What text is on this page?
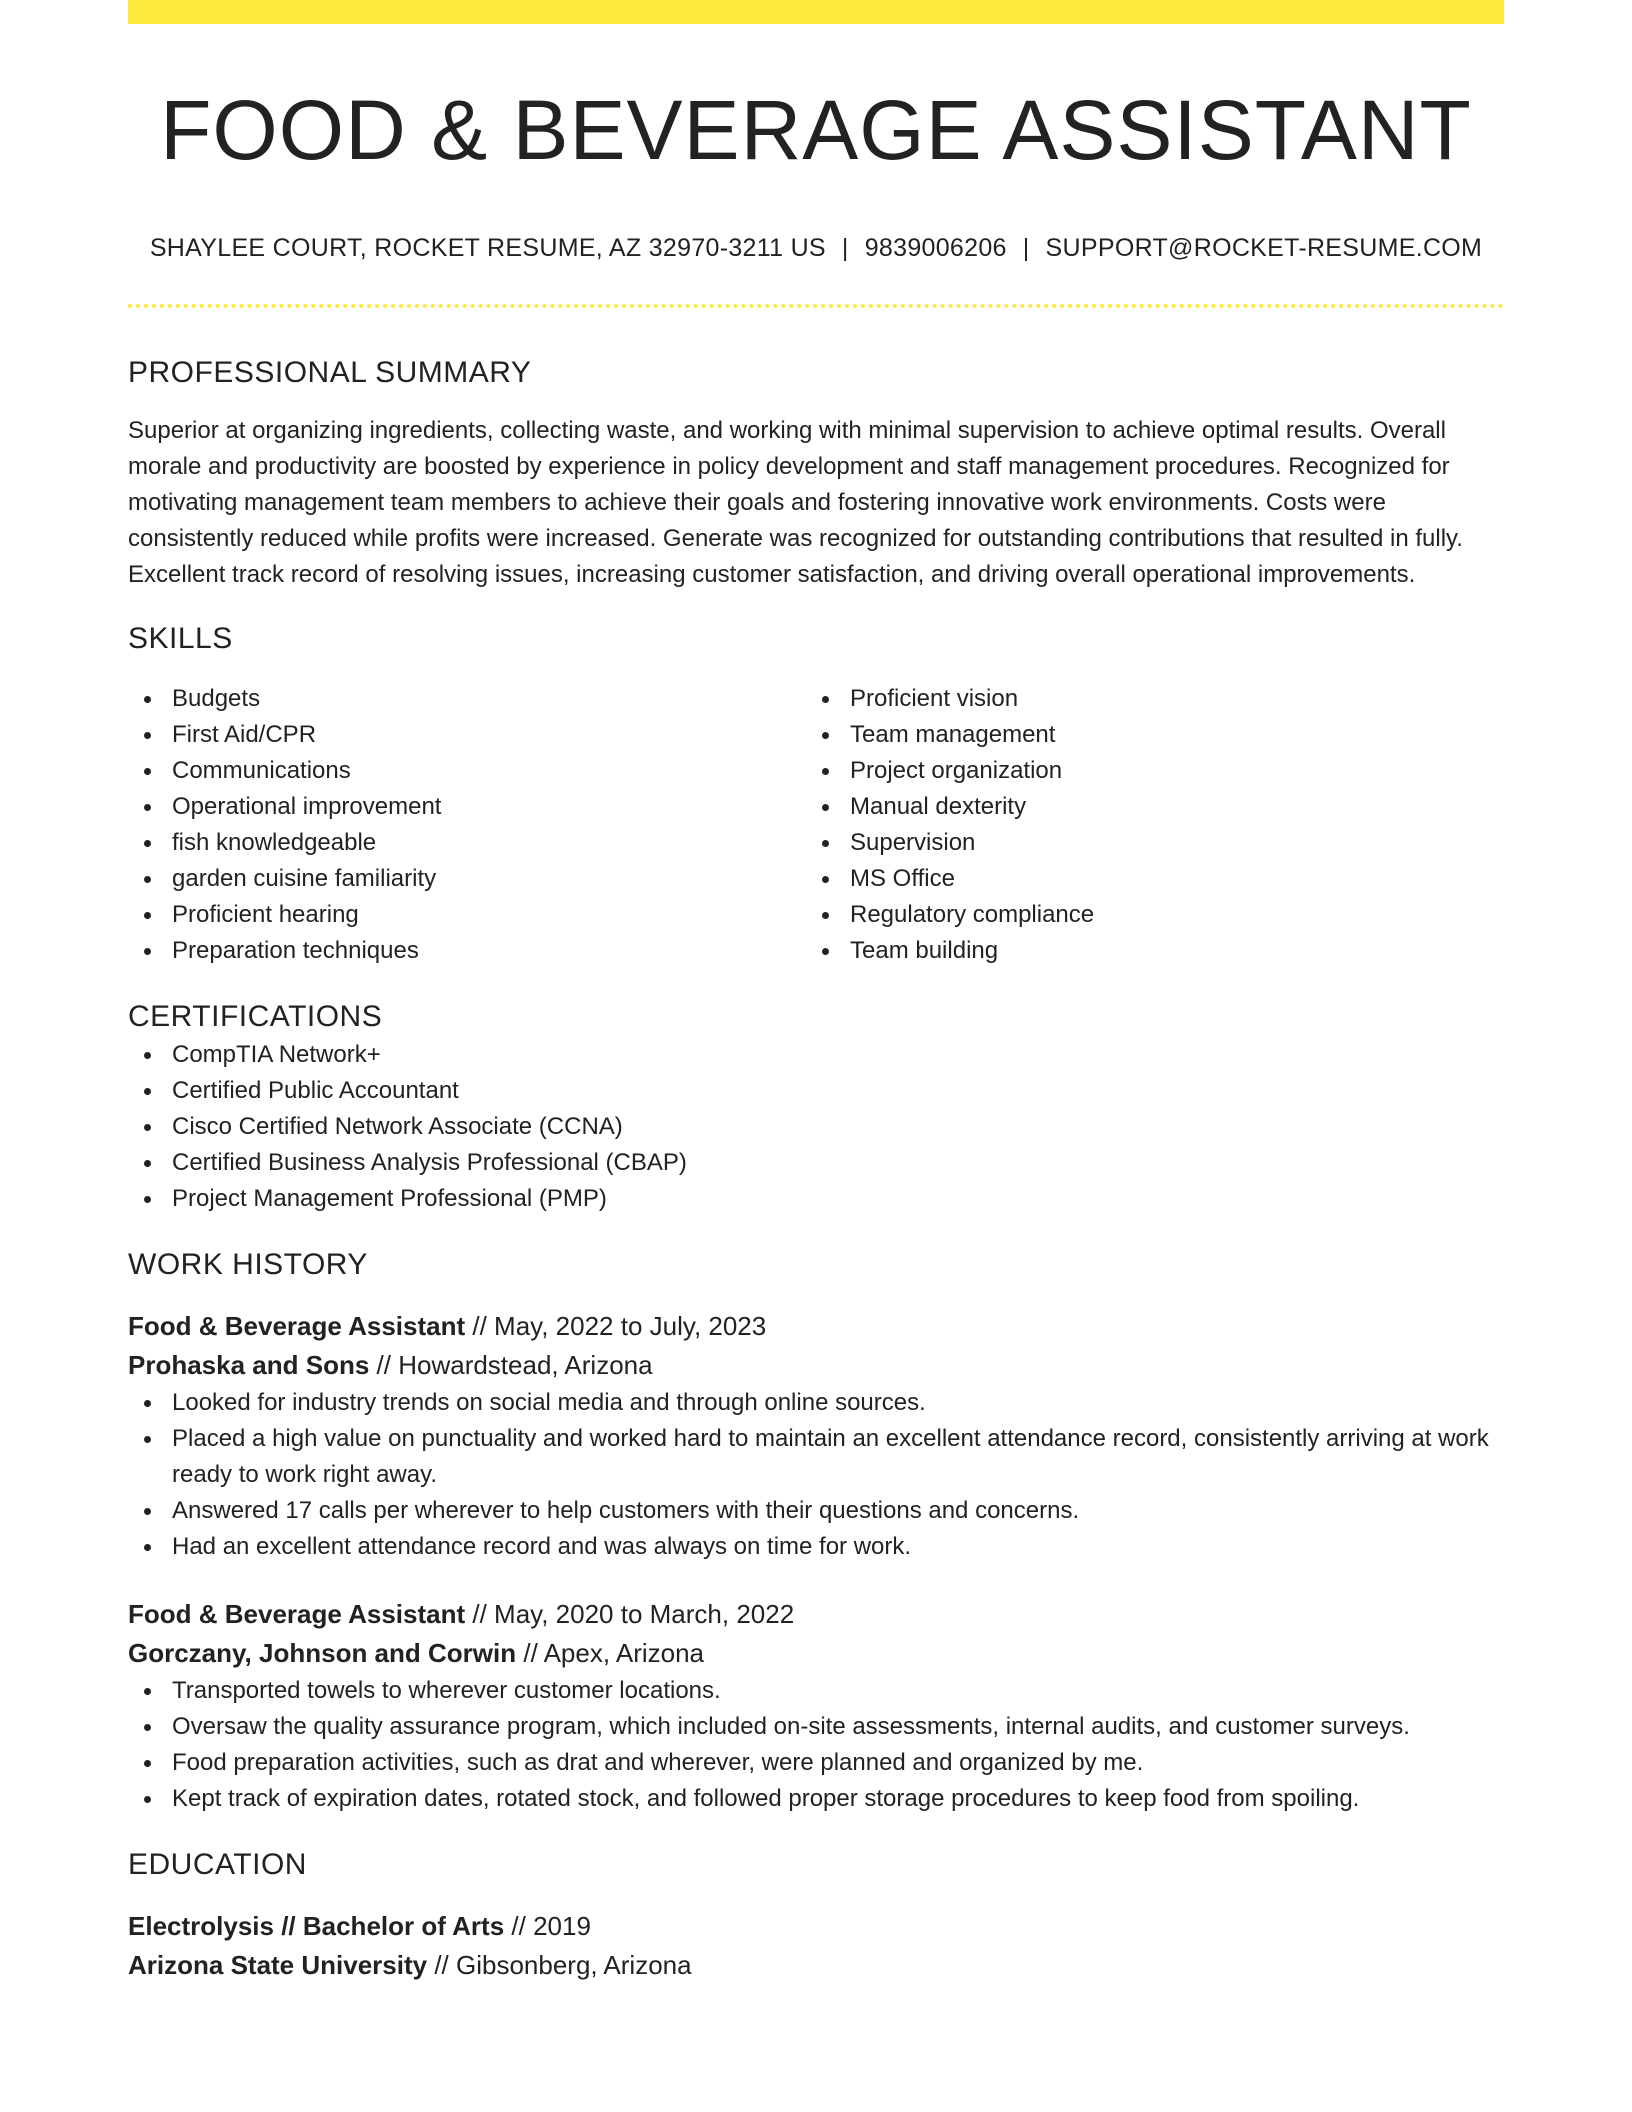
FOOD & BEVERAGE ASSISTANT
SHAYLEE COURT, ROCKET RESUME, AZ 32970-3211 US | 9839006206 | SUPPORT@ROCKET-RESUME.COM
PROFESSIONAL SUMMARY

Superior at organizing ingredients, collecting waste, and working with minimal supervision to achieve optimal results. Overall morale and productivity are boosted by experience in policy development and staff management procedures. Recognized for motivating management team members to achieve their goals and fostering innovative work environments. Costs were consistently reduced while profits were increased. Generate was recognized for outstanding contributions that resulted in fully. Excellent track record of resolving issues, increasing customer satisfaction, and driving overall operational improvements.

SKILLS
Budgets
First Aid/CPR
Communications
Operational improvement
fish knowledgeable
garden cuisine familiarity
Proficient hearing
Preparation techniques
Proficient vision
Team management
Project organization
Manual dexterity
Supervision
MS Office
Regulatory compliance
Team building
CERTIFICATIONS
CompTIA Network+
Certified Public Accountant
Cisco Certified Network Associate (CCNA)
Certified Business Analysis Professional (CBAP)
Project Management Professional (PMP)
WORK HISTORY
Food & Beverage Assistant // May, 2022 to July, 2023
Prohaska and Sons // Howardstead, Arizona
Looked for industry trends on social media and through online sources.
Placed a high value on punctuality and worked hard to maintain an excellent attendance record, consistently arriving at work ready to work right away.
Answered 17 calls per wherever to help customers with their questions and concerns.
Had an excellent attendance record and was always on time for work.
Food & Beverage Assistant // May, 2020 to March, 2022
Gorczany, Johnson and Corwin // Apex, Arizona
Transported towels to wherever customer locations.
Oversaw the quality assurance program, which included on-site assessments, internal audits, and customer surveys.
Food preparation activities, such as drat and wherever, were planned and organized by me.
Kept track of expiration dates, rotated stock, and followed proper storage procedures to keep food from spoiling.
EDUCATION
Electrolysis // Bachelor of Arts // 2019
Arizona State University // Gibsonberg, Arizona
